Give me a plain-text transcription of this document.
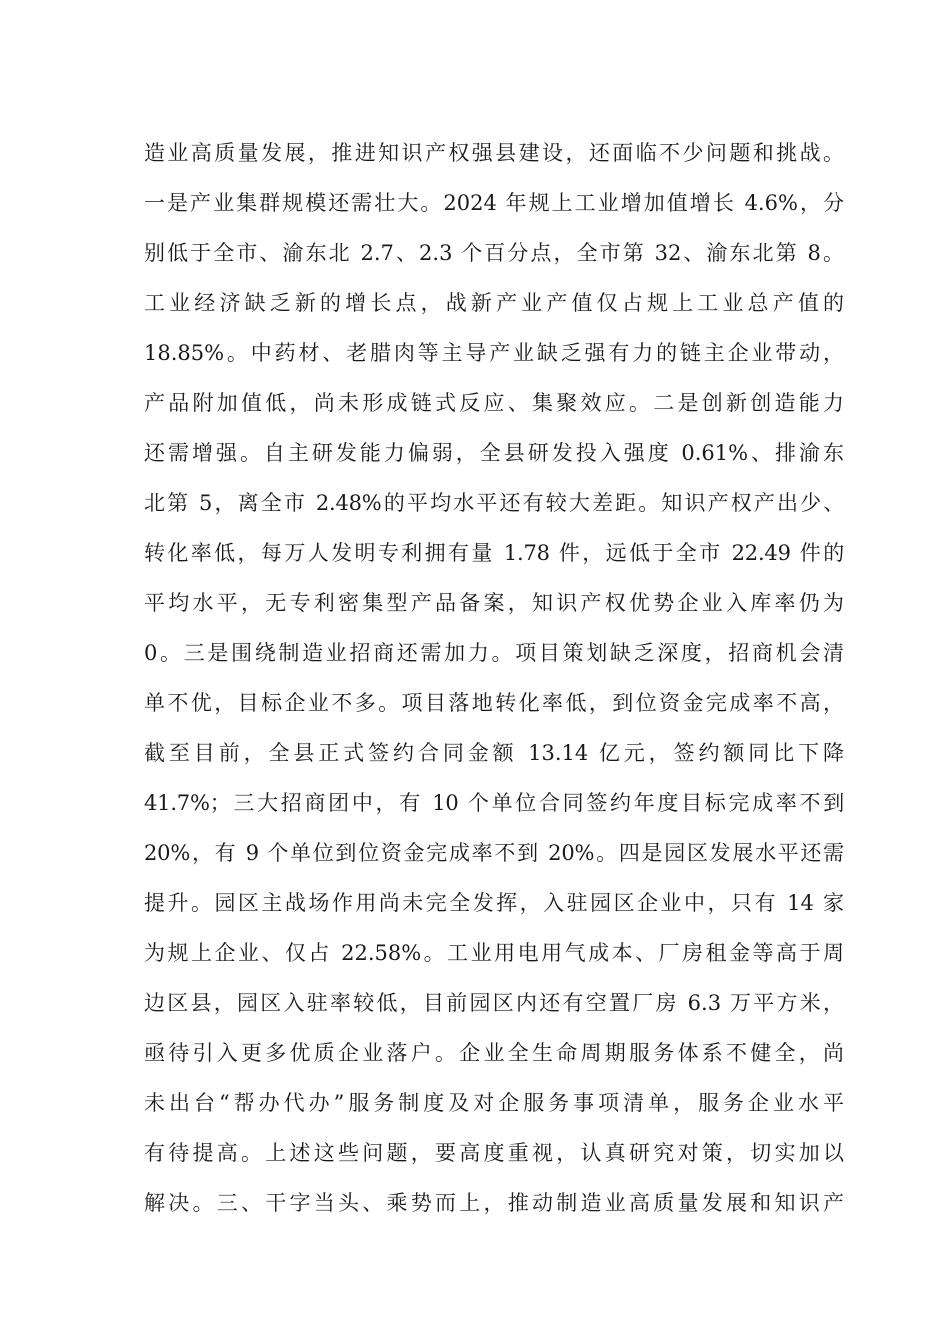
造业高质量发展，推进知识产权强县建设，还面临不少问题和挑战。
一是产业集群规模还需壮大。2024 年规上工业增加值增长 4.6%，分
别低于全市、渝东北 2.7、2.3 个百分点，全市第 32、渝东北第 8。
工业经济缺乏新的增长点，战新产业产值仅占规上工业总产值的
18.85%。中药材、老腊肉等主导产业缺乏强有力的链主企业带动，
产品附加值低，尚未形成链式反应、集聚效应。二是创新创造能力
还需增强。自主研发能力偏弱，全县研发投入强度 0.61%、排渝东
北第 5，离全市 2.48%的平均水平还有较大差距。知识产权产出少、
转化率低，每万人发明专利拥有量 1.78 件，远低于全市 22.49 件的
平均水平，无专利密集型产品备案，知识产权优势企业入库率仍为
0。三是围绕制造业招商还需加力。项目策划缺乏深度，招商机会清
单不优，目标企业不多。项目落地转化率低，到位资金完成率不高，
截至目前，全县正式签约合同金额 13.14 亿元，签约额同比下降
41.7%；三大招商团中，有 10 个单位合同签约年度目标完成率不到
20%，有 9 个单位到位资金完成率不到 20%。四是园区发展水平还需
提升。园区主战场作用尚未完全发挥，入驻园区企业中，只有 14 家
为规上企业、仅占 22.58%。工业用电用气成本、厂房租金等高于周
边区县，园区入驻率较低，目前园区内还有空置厂房 6.3 万平方米，
亟待引入更多优质企业落户。企业全生命周期服务体系不健全，尚
未出台“帮办代办”服务制度及对企服务事项清单，服务企业水平
有待提高。上述这些问题，要高度重视，认真研究对策，切实加以
解决。三、干字当头、乘势而上，推动制造业高质量发展和知识产
